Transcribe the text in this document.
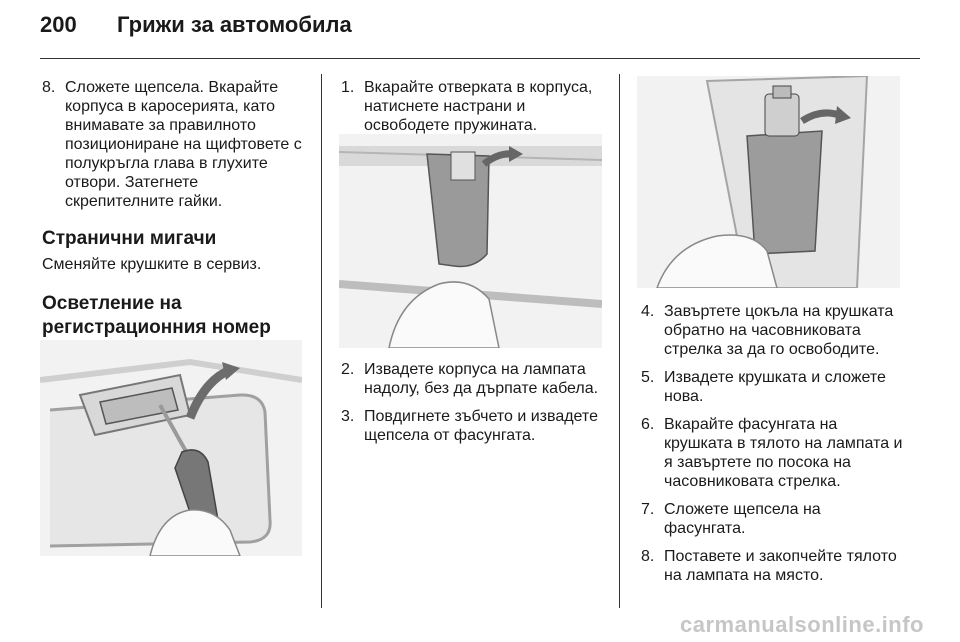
200 Грижи за автомобила
8. Сложете щепсела. Вкарайте корпуса в каросерията, като внимавате за правилното позициониране на щифтовете с полукръгла глава в глухите отвори. Затегнете скрепителните гайки.
Странични мигачи
Сменяйте крушките в сервиз.
Осветление на регистрационния номер
1. Вкарайте отверката в корпуса, натиснете настрани и освободете пружината.
2. Извадете корпуса на лампата надолу, без да дърпате кабела.
3. Повдигнете зъбчето и извадете щепсела от фасунгата.
4. Завъртете цокъла на крушката обратно на часовниковата стрелка за да го освободите.
5. Извадете крушката и сложете нова.
6. Вкарайте фасунгата на крушката в тялото на лампата и я завъртете по посока на часовниковата стрелка.
7. Сложете щепсела на фасунгата.
8. Поставете и закопчейте тялото на лампата на място.
carmanualsonline.info
